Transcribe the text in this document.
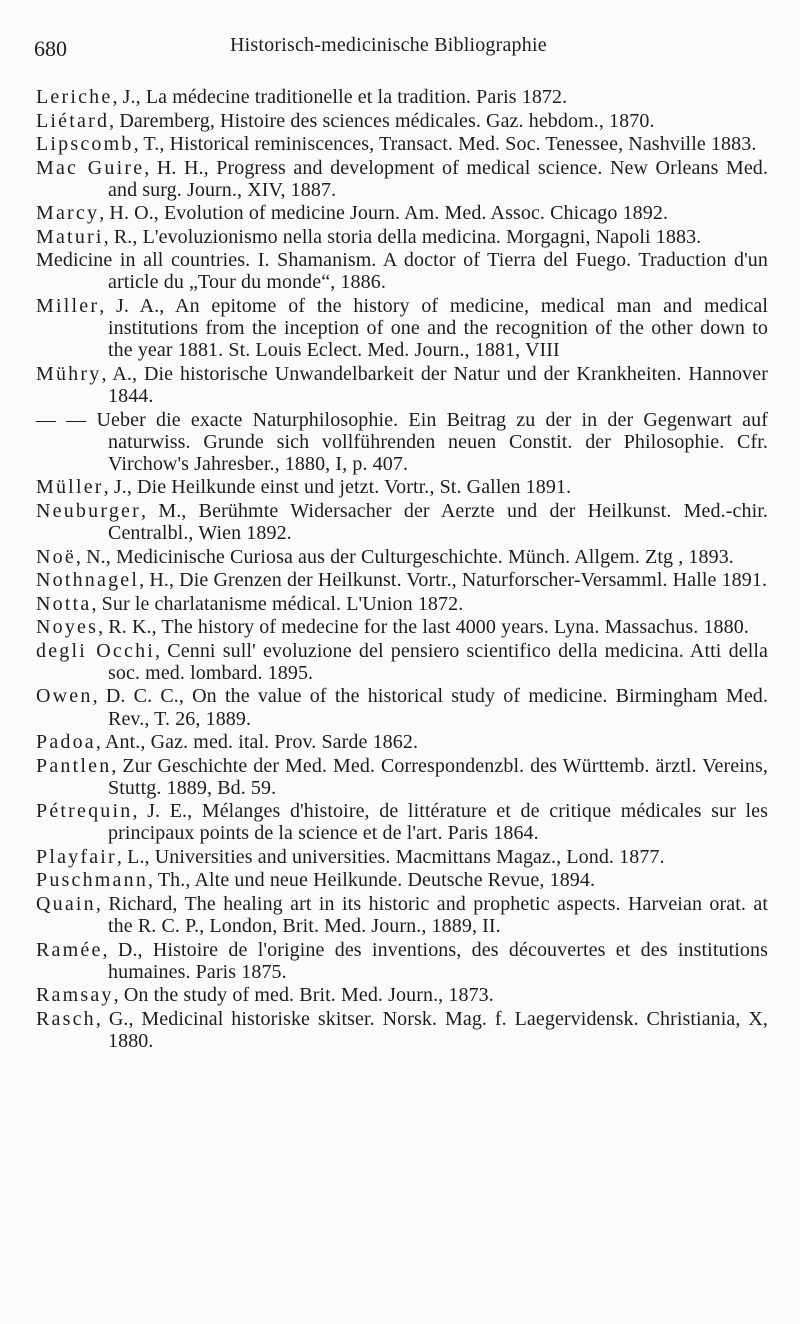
680	Historisch-medicinische Bibliographie

Leriche, J., La médecine traditionelle et la tradition. Paris 1872.

Liétard, Daremberg, Histoire des sciences médicales. Gaz. hebdom., 1870.

Lipscomb, T., Historical reminiscences, Transact. Med. Soc. Tenessee, Nashville 1883.

Mac Guire, H. H., Progress and development of medical science. New Orleans Med. and surg. Journ., XIV, 1887.

Marcy, H. O., Evolution of medicine Journ. Am. Med. Assoc. Chicago 1892.

Maturi, R., L'evoluzionismo nella storia della medicina. Morgagni, Napoli 1883.

Medicine in all countries. I. Shamanism. A doctor of Tierra del Fuego. Traduction d'un article du „Tour du monde“, 1886.

Miller, J. A., An epitome of the history of medicine, medical man and medical institutions from the inception of one and the recognition of the other down to the year 1881. St. Louis Eclect. Med. Journ., 1881, VIII

Mühry, A., Die historische Unwandelbarkeit der Natur und der Krankheiten. Hannover 1844.

— — Ueber die exacte Naturphilosophie. Ein Beitrag zu der in der Gegenwart auf naturwiss. Grunde sich vollführenden neuen Constit. der Philosophie. Cfr. Virchow's Jahresber., 1880, I, p. 407.

Müller, J., Die Heilkunde einst und jetzt. Vortr., St. Gallen 1891.

Neuburger, M., Berühmte Widersacher der Aerzte und der Heilkunst. Med.-chir. Centralbl., Wien 1892.

Noë, N., Medicinische Curiosa aus der Culturgeschichte. Münch. Allgem. Ztg , 1893.

Nothnagel, H., Die Grenzen der Heilkunst. Vortr., Naturforscher-Versamml. Halle 1891.

Notta, Sur le charlatanisme médical. L'Union 1872.

Noyes, R. K., The history of medecine for the last 4000 years. Lyna. Massachus. 1880.

degli Occhi, Cenni sull' evoluzione del pensiero scientifico della medicina. Atti della soc. med. lombard. 1895.

Owen, D. C. C., On the value of the historical study of medicine. Birmingham Med. Rev., T. 26, 1889.

Padoa, Ant., Gaz. med. ital. Prov. Sarde 1862.

Pantlen, Zur Geschichte der Med. Med. Correspondenzbl. des Württemb. ärztl. Vereins, Stuttg. 1889, Bd. 59.

Pétrequin, J. E., Mélanges d'histoire, de littérature et de critique médicales sur les principaux points de la science et de l'art. Paris 1864.

Playfair, L., Universities and universities. Macmittans Magaz., Lond. 1877.

Puschmann, Th., Alte und neue Heilkunde. Deutsche Revue, 1894.

Quain, Richard, The healing art in its historic and prophetic aspects. Harveian orat. at the R. C. P., London, Brit. Med. Journ., 1889, II.

Ramée, D., Histoire de l'origine des inventions, des découvertes et des institutions humaines. Paris 1875.

Ramsay, On the study of med. Brit. Med. Journ., 1873.

Rasch, G., Medicinal historiske skitser. Norsk. Mag. f. Laegervidensk. Christiania, X, 1880.
